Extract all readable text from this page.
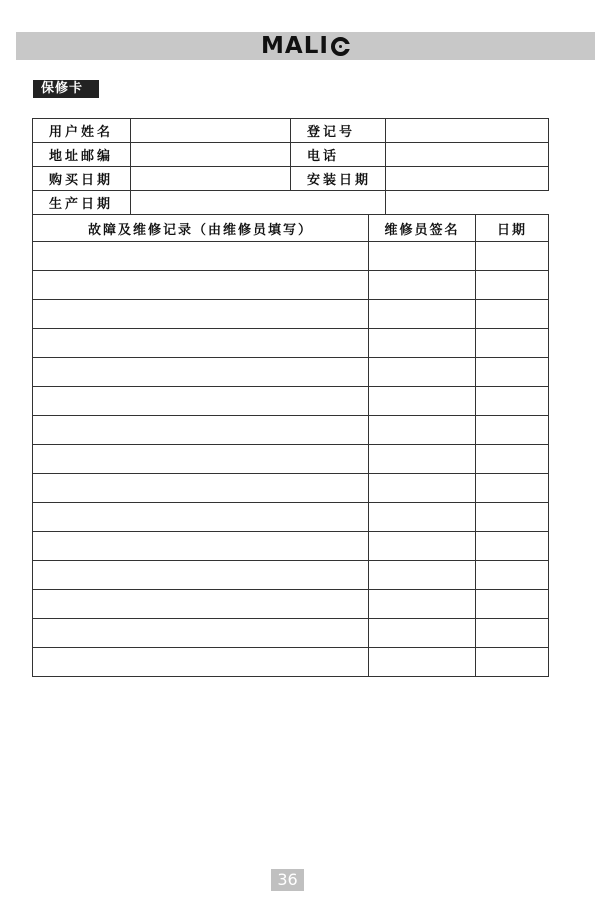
MALI
保修卡
用户姓名		登记号	
地址邮编		电话	
购买日期		安装日期	
生产日期			
故障及维修记录（由维修员填写）	维修员签名	日期

36
